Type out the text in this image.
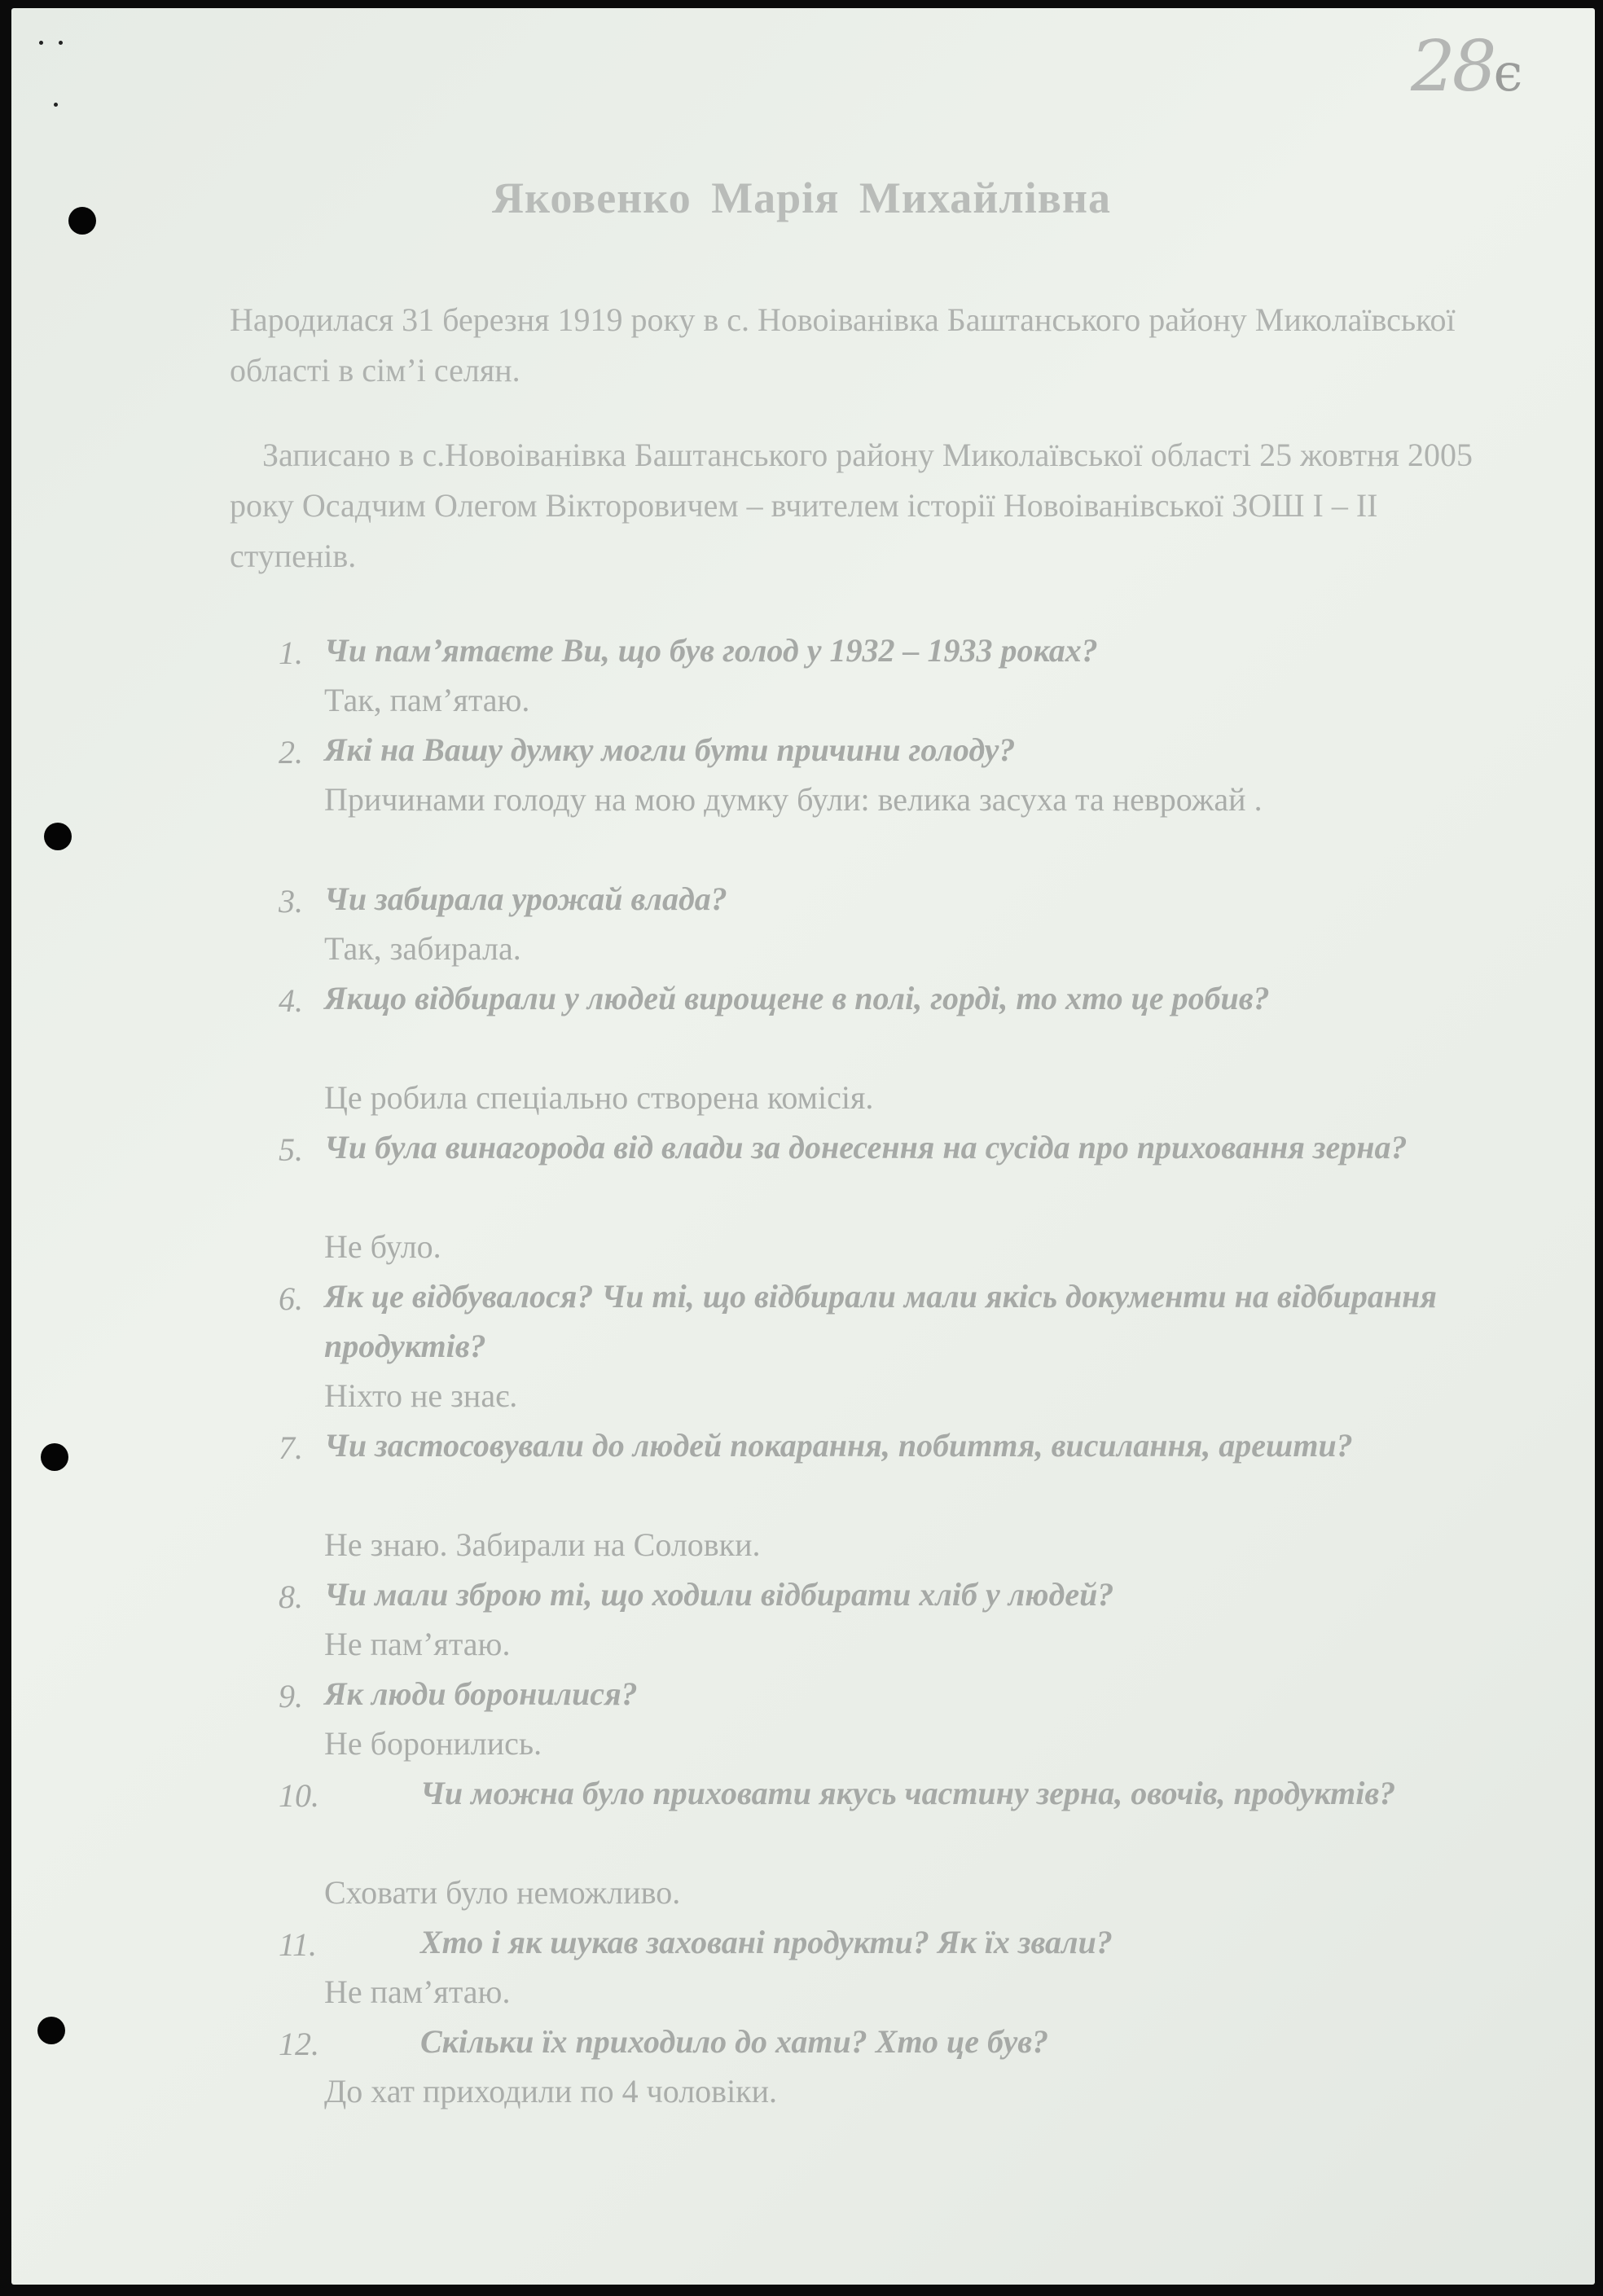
28є
Яковенко Марія Михайлівна

Народилася 31 березня 1919 року в с. Новоіванівка Баштанського району Миколаївської області в сім’і селян.

Записано в с.Новоіванівка Баштанського району Миколаївської області 25 жовтня 2005 року Осадчим Олегом Вікторовичем – вчителем історії Новоіванівської ЗОШ I – II ступенів.

1. Чи пам’ятаєте Ви, що був голод у 1932 – 1933 роках?

Так, пам’ятаю.

2. Які на Вашу думку могли бути причини голоду?

Причинами голоду на мою думку були: велика засуха та неврожай .

3. Чи забирала урожай влада?

Так, забирала.

4. Якщо відбирали у людей вирощене в полі, горді, то хто це робив?

Це робила спеціально створена комісія.

5. Чи була винагорода від влади за донесення на сусіда про приховання зерна?

Не було.

6. Як це відбувалося? Чи ті, що відбирали мали якісь документи на відбирання продуктів?

Ніхто не знає.

7. Чи застосовували до людей покарання, побиття, висилання, арешти?

Не знаю. Забирали на Соловки.

8. Чи мали зброю ті, що ходили відбирати хліб у людей?

Не пам’ятаю.

9. Як люди боронилися?

Не боронились.

10.	Чи можна було приховати якусь частину зерна, овочів, продуктів?

Сховати було неможливо.

11.	Хто і як шукав заховані продукти? Як їх звали?

Не пам’ятаю.

12.	Скільки їх приходило до хати? Хто це був?

До хат приходили по 4 чоловіки.
